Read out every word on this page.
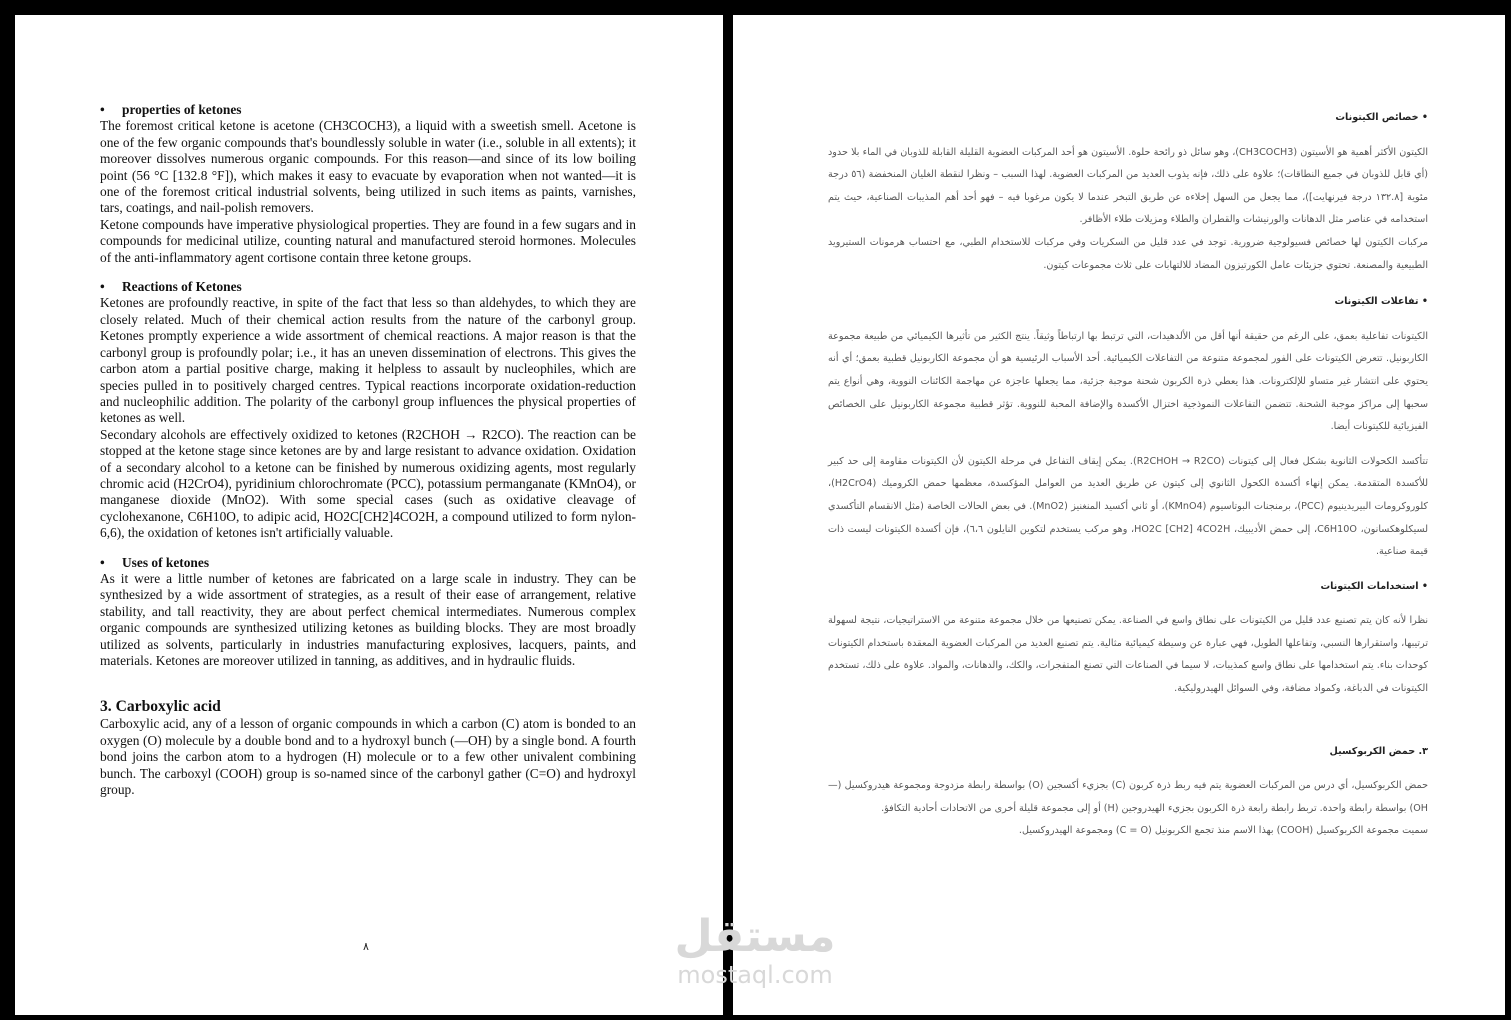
• properties of ketones

The foremost critical ketone is acetone (CH3COCH3), a liquid with a sweetish smell. Acetone is one of the few organic compounds that's boundlessly soluble in water (i.e., soluble in all extents); it moreover dissolves numerous organic compounds. For this reason—and since of its low boiling point (56 °C [132.8 °F]), which makes it easy to evacuate by evaporation when not wanted—it is one of the foremost critical industrial solvents, being utilized in such items as paints, varnishes, tars, coatings, and nail-polish removers.

Ketone compounds have imperative physiological properties. They are found in a few sugars and in compounds for medicinal utilize, counting natural and manufactured steroid hormones. Molecules of the anti-inflammatory agent cortisone contain three ketone groups.

• Reactions of Ketones

Ketones are profoundly reactive, in spite of the fact that less so than aldehydes, to which they are closely related. Much of their chemical action results from the nature of the carbonyl group. Ketones promptly experience a wide assortment of chemical reactions. A major reason is that the carbonyl group is profoundly polar; i.e., it has an uneven dissemination of electrons. This gives the carbon atom a partial positive charge, making it helpless to assault by nucleophiles, which are species pulled in to positively charged centres. Typical reactions incorporate oxidation-reduction and nucleophilic addition. The polarity of the carbonyl group influences the physical properties of ketones as well.

Secondary alcohols are effectively oxidized to ketones (R2CHOH → R2CO). The reaction can be stopped at the ketone stage since ketones are by and large resistant to advance oxidation. Oxidation of a secondary alcohol to a ketone can be finished by numerous oxidizing agents, most regularly chromic acid (H2CrO4), pyridinium chlorochromate (PCC), potassium permanganate (KMnO4), or manganese dioxide (MnO2). With some special cases (such as oxidative cleavage of cyclohexanone, C6H10O, to adipic acid, HO2C[CH2]4CO2H, a compound utilized to form nylon-6,6), the oxidation of ketones isn't artificially valuable.

• Uses of ketones

As it were a little number of ketones are fabricated on a large scale in industry. They can be synthesized by a wide assortment of strategies, as a result of their ease of arrangement, relative stability, and tall reactivity, they are about perfect chemical intermediates. Numerous complex organic compounds are synthesized utilizing ketones as building blocks. They are most broadly utilized as solvents, particularly in industries manufacturing explosives, lacquers, paints, and materials. Ketones are moreover utilized in tanning, as additives, and in hydraulic fluids.

3. Carboxylic acid

Carboxylic acid, any of a lesson of organic compounds in which a carbon (C) atom is bonded to an oxygen (O) molecule by a double bond and to a hydroxyl bunch (—OH) by a single bond. A fourth bond joins the carbon atom to a hydrogen (H) molecule or to a few other univalent combining bunch. The carboxyl (COOH) group is so-named since of the carbonyl gather (C=O) and hydroxyl group.

٨
• خصائص الكيتونات

الكيتون الأكثر أهمية هو الأسيتون (CH3COCH3)، وهو سائل ذو رائحة حلوة. الأسيتون هو أحد المركبات العضوية القليلة القابلة للذوبان في الماء بلا حدود (أي قابل للذوبان في جميع النطاقات)؛ علاوة على ذلك، فإنه يذوب العديد من المركبات العضوية. لهذا السبب – ونظرا لنقطة الغليان المنخفضة (٥٦ درجة مئوية [١٣٢.٨ درجة فيرنهايت])، مما يجعل من السهل إخلاءه عن طريق التبخر عندما لا يكون مرغوبا فيه – فهو أحد أهم المذيبات الصناعية، حيث يتم استخدامه في عناصر مثل الدهانات والورنيشات والقطران والطلاء ومزيلات طلاء الأظافر.

مركبات الكيتون لها خصائص فسيولوجية ضرورية. توجد في عدد قليل من السكريات وفي مركبات للاستخدام الطبي، مع احتساب هرمونات الستيرويد الطبيعية والمصنعة. تحتوي جزيئات عامل الكورتيزون المضاد للالتهابات على ثلاث مجموعات كيتون.

• تفاعلات الكيتونات

الكيتونات تفاعلية بعمق، على الرغم من حقيقة أنها أقل من الألدهيدات، التي ترتبط بها ارتباطاً وثيقاً. ينتج الكثير من تأثيرها الكيميائي من طبيعة مجموعة الكاربونيل. تتعرض الكيتونات على الفور لمجموعة متنوعة من التفاعلات الكيميائية. أحد الأسباب الرئيسية هو أن مجموعة الكاربونيل قطبية بعمق؛ أي أنه يحتوي على انتشار غير متساو للإلكترونات. هذا يعطي ذرة الكربون شحنة موجبة جزئية، مما يجعلها عاجزة عن مهاجمة الكائنات النووية، وهي أنواع يتم سحبها إلى مراكز موجبة الشحنة. تتضمن التفاعلات النموذجية اختزال الأكسدة والإضافة المحبة للنووية. تؤثر قطبية مجموعة الكاربونيل على الخصائص الفيزيائية للكيتونات أيضا.

تتأكسد الكحولات الثانوية بشكل فعال إلى كيتونات (R2CHOH → R2CO). يمكن إيقاف التفاعل في مرحلة الكيتون لأن الكيتونات مقاومة إلى حد كبير للأكسدة المتقدمة. يمكن إنهاء أكسدة الكحول الثانوي إلى كيتون عن طريق العديد من العوامل المؤكسدة، معظمها حمض الكروميك (H2CrO4)، كلوروكرومات البيريدينيوم (PCC)، برمنجنات البوتاسيوم (KMnO4)، أو ثاني أكسيد المنغنيز (MnO2). في بعض الحالات الخاصة (مثل الانقسام التأكسدي لسيكلوهكسانون، C6H10O، إلى حمض الأديبيك، HO2C [CH2] 4CO2H، وهو مركب يستخدم لتكوين النايلون ٦،٦)، فإن أكسدة الكيتونات ليست ذات قيمة صناعية.

• استخدامات الكيتونات

نظرا لأنه كان يتم تصنيع عدد قليل من الكيتونات على نطاق واسع في الصناعة. يمكن تصنيعها من خلال مجموعة متنوعة من الاستراتيجيات، نتيجة لسهولة ترتيبها، واستقرارها النسبي، وتفاعلها الطويل، فهي عبارة عن وسيطة كيميائية مثالية. يتم تصنيع العديد من المركبات العضوية المعقدة باستخدام الكيتونات كوحدات بناء. يتم استخدامها على نطاق واسع كمذيبات، لا سيما في الصناعات التي تصنع المتفجرات، والكك، والدهانات، والمواد. علاوة على ذلك، تستخدم الكيتونات في الدباغة، وكمواد مضافة، وفي السوائل الهيدروليكية.

٣. حمض الكربوكسيل

حمض الكربوكسيل، أي درس من المركبات العضوية يتم فيه ربط ذرة كربون (C) بجزيء أكسجين (O) بواسطة رابطة مزدوجة ومجموعة هيدروكسيل (—OH) بواسطة رابطة واحدة. تربط رابطة رابعة ذرة الكربون بجزيء الهيدروجين (H) أو إلى مجموعة قليلة أخرى من الاتحادات أحادية التكافؤ.

سميت مجموعة الكربوكسيل (COOH) بهذا الاسم منذ تجمع الكربونيل (C = O) ومجموعة الهيدروكسيل.

مستقل
mostaql.com
